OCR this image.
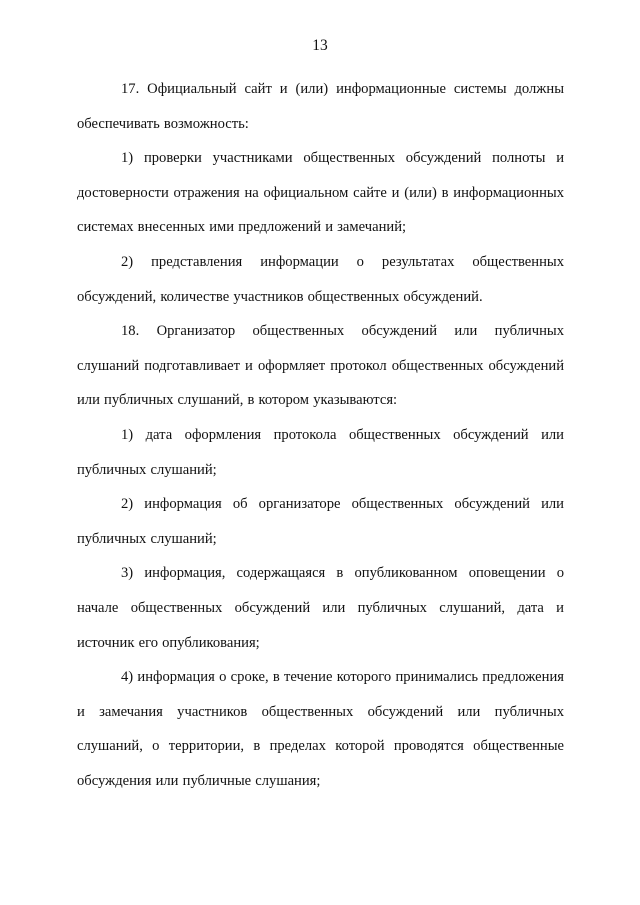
13

17. Официальный сайт и (или) информационные системы должны обеспечивать возможность:

1) проверки участниками общественных обсуждений полноты и достоверности отражения на официальном сайте и (или) в информационных системах внесенных ими предложений и замечаний;

2) представления информации о результатах общественных обсуждений, количестве участников общественных обсуждений.

18. Организатор общественных обсуждений или публичных слушаний подготавливает и оформляет протокол общественных обсуждений или публичных слушаний, в котором указываются:

1) дата оформления протокола общественных обсуждений или публичных слушаний;

2) информация об организаторе общественных обсуждений или публичных слушаний;

3) информация, содержащаяся в опубликованном оповещении о начале общественных обсуждений или публичных слушаний, дата и источник его опубликования;

4) информация о сроке, в течение которого принимались предложения и замечания участников общественных обсуждений или публичных слушаний, о территории, в пределах которой проводятся общественные обсуждения или публичные слушания;
